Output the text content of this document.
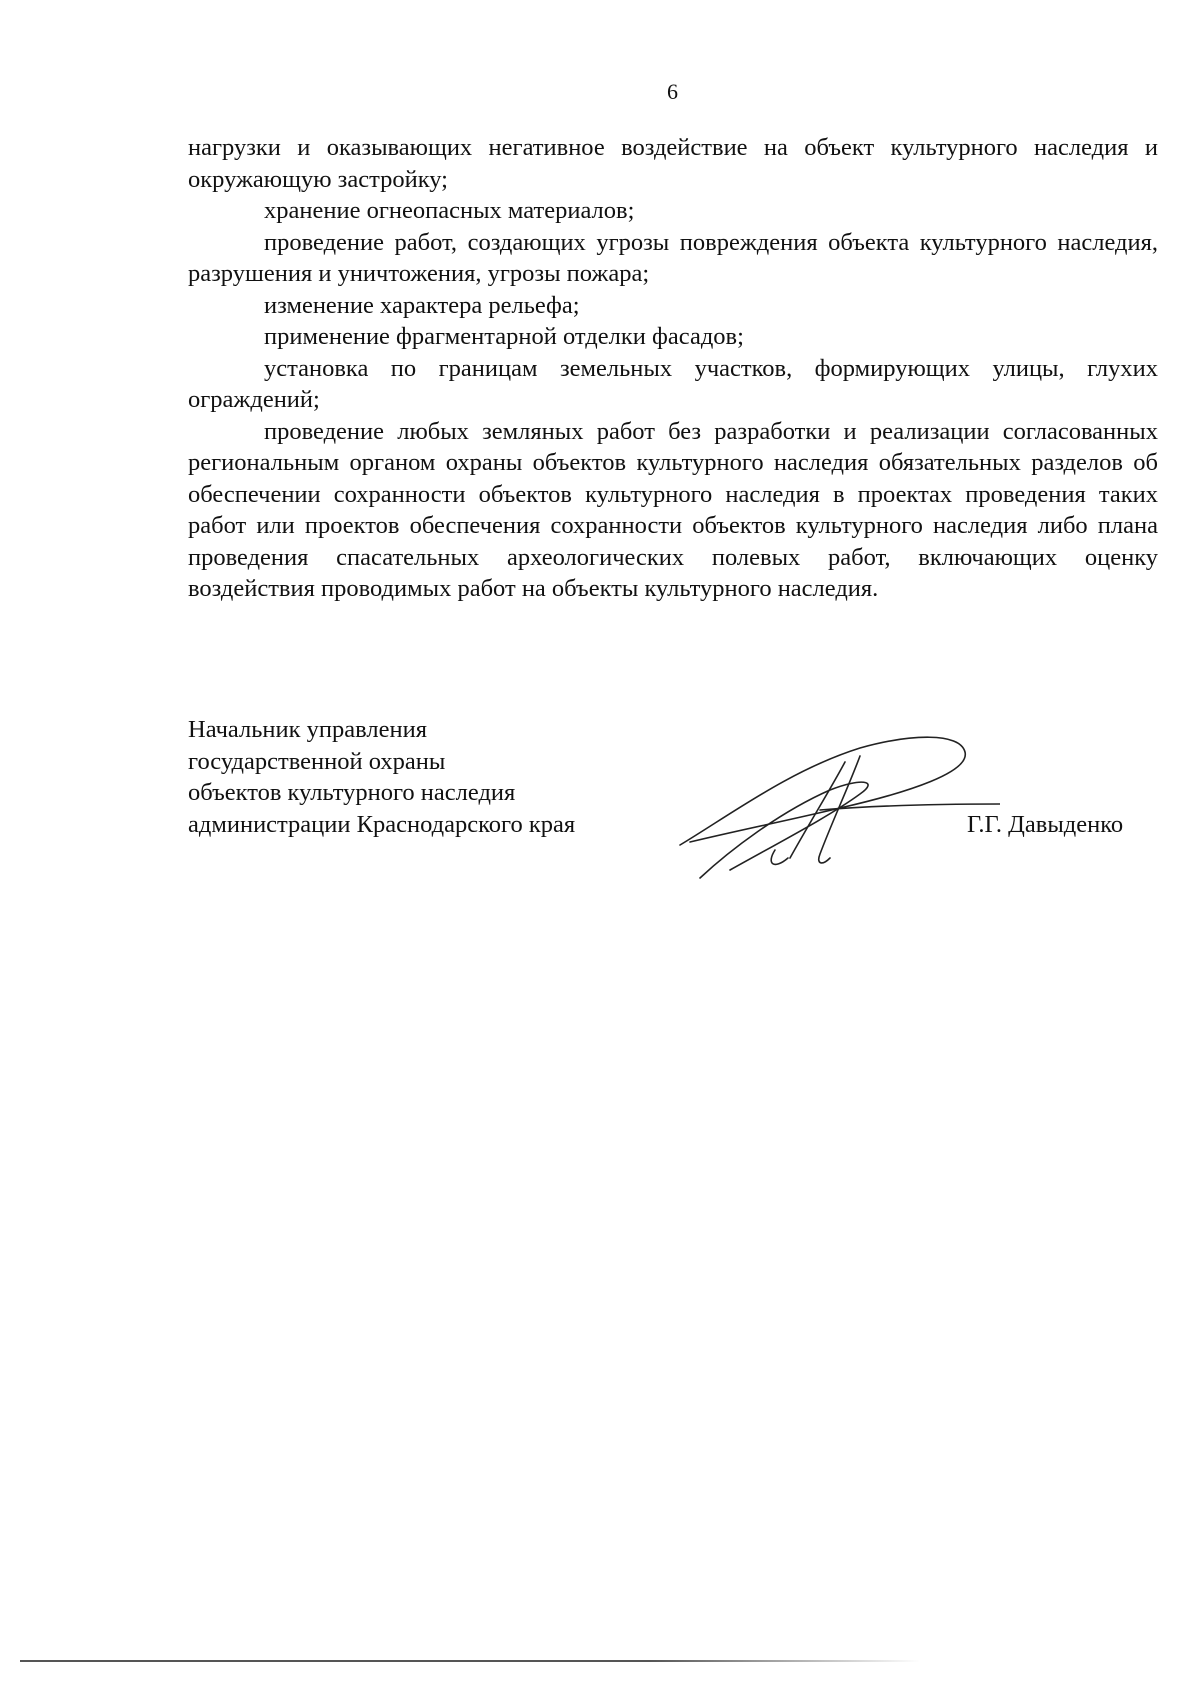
6

нагрузки и оказывающих негативное воздействие на объект культурного наследия и окружающую застройку;

хранение огнеопасных материалов;

проведение работ, создающих угрозы повреждения объекта культурного наследия, разрушения и уничтожения, угрозы пожара;

изменение характера рельефа;

применение фрагментарной отделки фасадов;

установка по границам земельных участков, формирующих улицы, глухих ограждений;

проведение любых земляных работ без разработки и реализации согласованных региональным органом охраны объектов культурного наследия обязательных разделов об обеспечении сохранности объектов культурного наследия в проектах проведения таких работ или проектов обеспечения сохранности объектов культурного наследия либо плана проведения спасательных археологических полевых работ, включающих оценку воздействия проводимых работ на объекты культурного наследия.

Начальник управления
государственной охраны
объектов культурного наследия
администрации Краснодарского края	Г.Г. Давыденко
